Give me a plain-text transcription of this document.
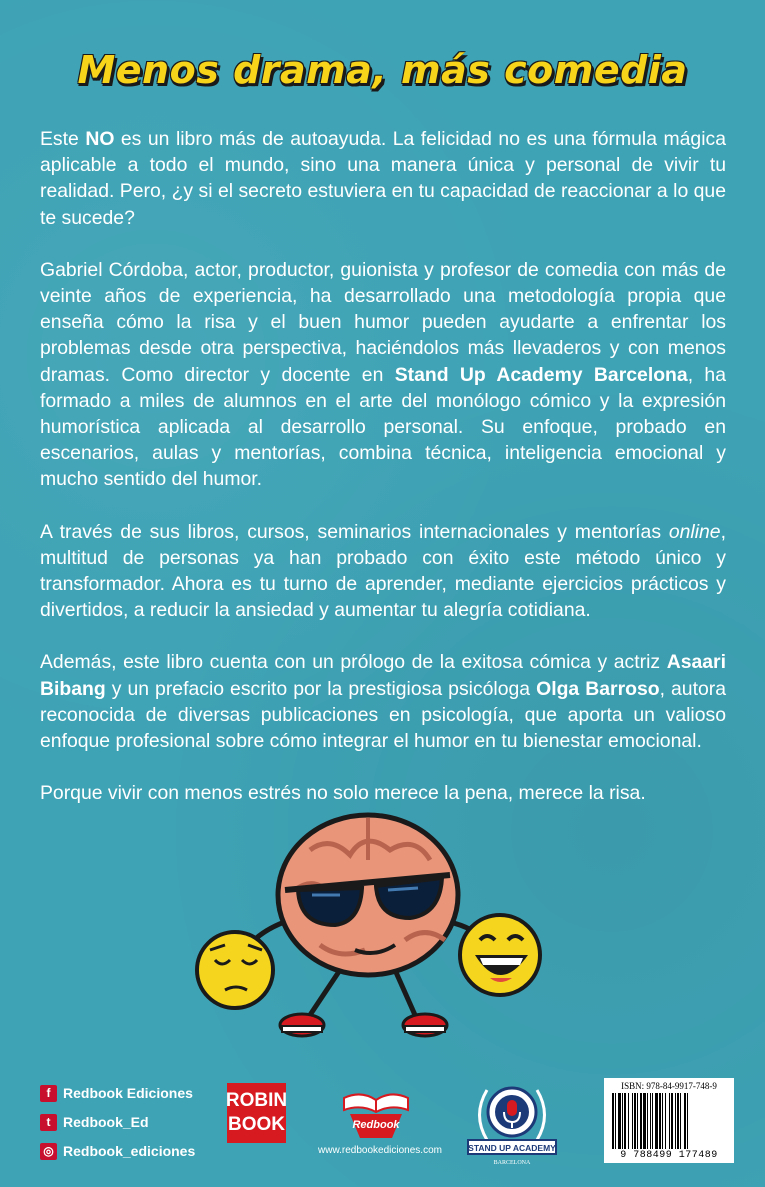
Menos drama, más comedia

Este NO es un libro más de autoayuda. La felicidad no es una fórmula mágica aplicable a todo el mundo, sino una manera única y personal de vivir tu realidad. Pero, ¿y si el secreto estuviera en tu capacidad de reaccionar a lo que te sucede?

Gabriel Córdoba, actor, productor, guionista y profesor de comedia con más de veinte años de experiencia, ha desarrollado una metodología propia que enseña cómo la risa y el buen humor pueden ayudarte a enfrentar los problemas desde otra perspectiva, haciéndolos más llevaderos y con menos dramas. Como director y docente en Stand Up Academy Barcelona, ha formado a miles de alumnos en el arte del monólogo cómico y la expresión humorística aplicada al desarrollo personal. Su enfoque, probado en escenarios, aulas y mentorías, combina técnica, inteligencia emocional y mucho sentido del humor.

A través de sus libros, cursos, seminarios internacionales y mentorías online, multitud de personas ya han probado con éxito este método único y transformador. Ahora es tu turno de aprender, mediante ejercicios prácticos y divertidos, a reducir la ansiedad y aumentar tu alegría cotidiana.

Además, este libro cuenta con un prólogo de la exitosa cómica y actriz Asaari Bibang y un prefacio escrito por la prestigiosa psicóloga Olga Barroso, autora reconocida de diversas publicaciones en psicología, que aporta un valioso enfoque profesional sobre cómo integrar el humor en tu bienestar emocional.

Porque vivir con menos estrés no solo merece la pena, merece la risa.

f Redbook Ediciones
t Redbook_Ed
◎ Redbook_ediciones
ROBIN
BOOK	Redbook
www.redbookediciones.com	STAND UP ACADEMY
BARCELONA
ISBN: 978-84-9917-748-9
9 788499 177489
